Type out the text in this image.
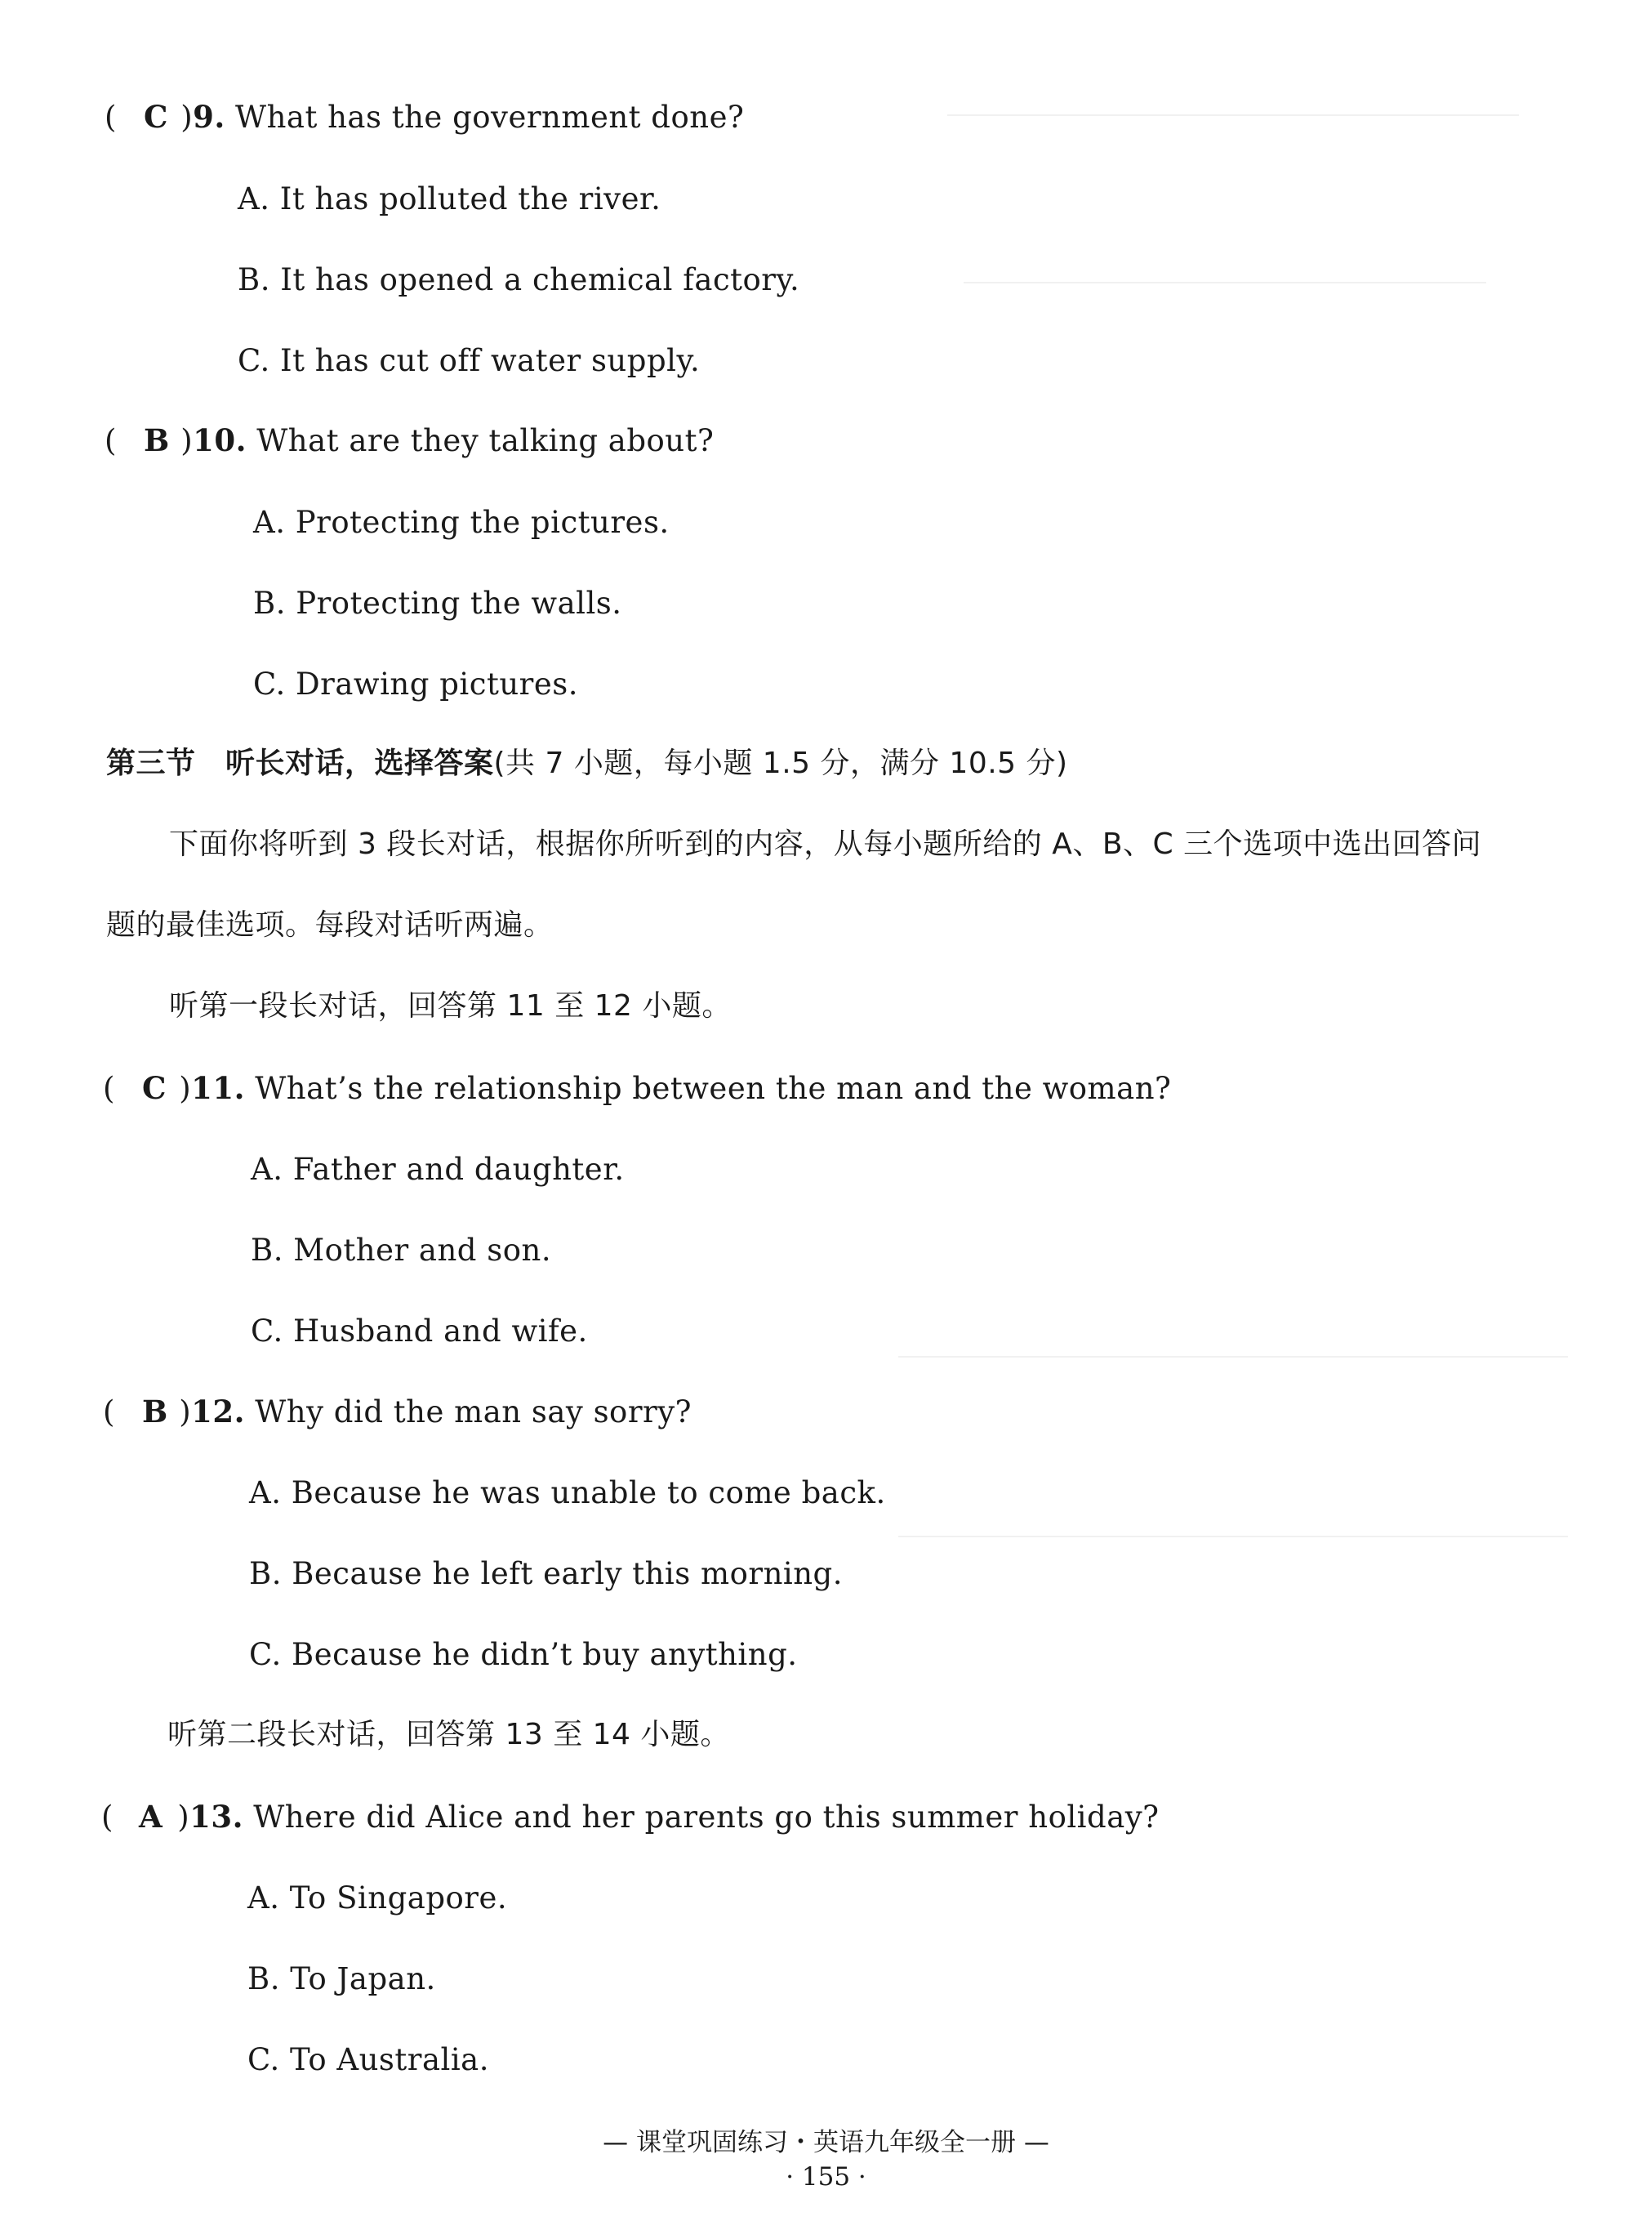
( C )9. What has the government done?
A. It has polluted the river.
B. It has opened a chemical factory.
C. It has cut off water supply.
( B )10. What are they talking about?
A. Protecting the pictures.
B. Protecting the walls.
C. Drawing pictures.
第三节　听长对话，选择答案(共 7 小题，每小题 1.5 分，满分 10.5 分)
下面你将听到 3 段长对话，根据你所听到的内容，从每小题所给的 A、B、C 三个选项中选出回答问
题的最佳选项。每段对话听两遍。
听第一段长对话，回答第 11 至 12 小题。
( C )11. What’s the relationship between the man and the woman?
A. Father and daughter.
B. Mother and son.
C. Husband and wife.
( B )12. Why did the man say sorry?
A. Because he was unable to come back.
B. Because he left early this morning.
C. Because he didn’t buy anything.
听第二段长对话，回答第 13 至 14 小题。
( A )13. Where did Alice and her parents go this summer holiday?
A. To Singapore.
B. To Japan.
C. To Australia.
— 课堂巩固练习・英语九年级全一册 —
· 155 ·
